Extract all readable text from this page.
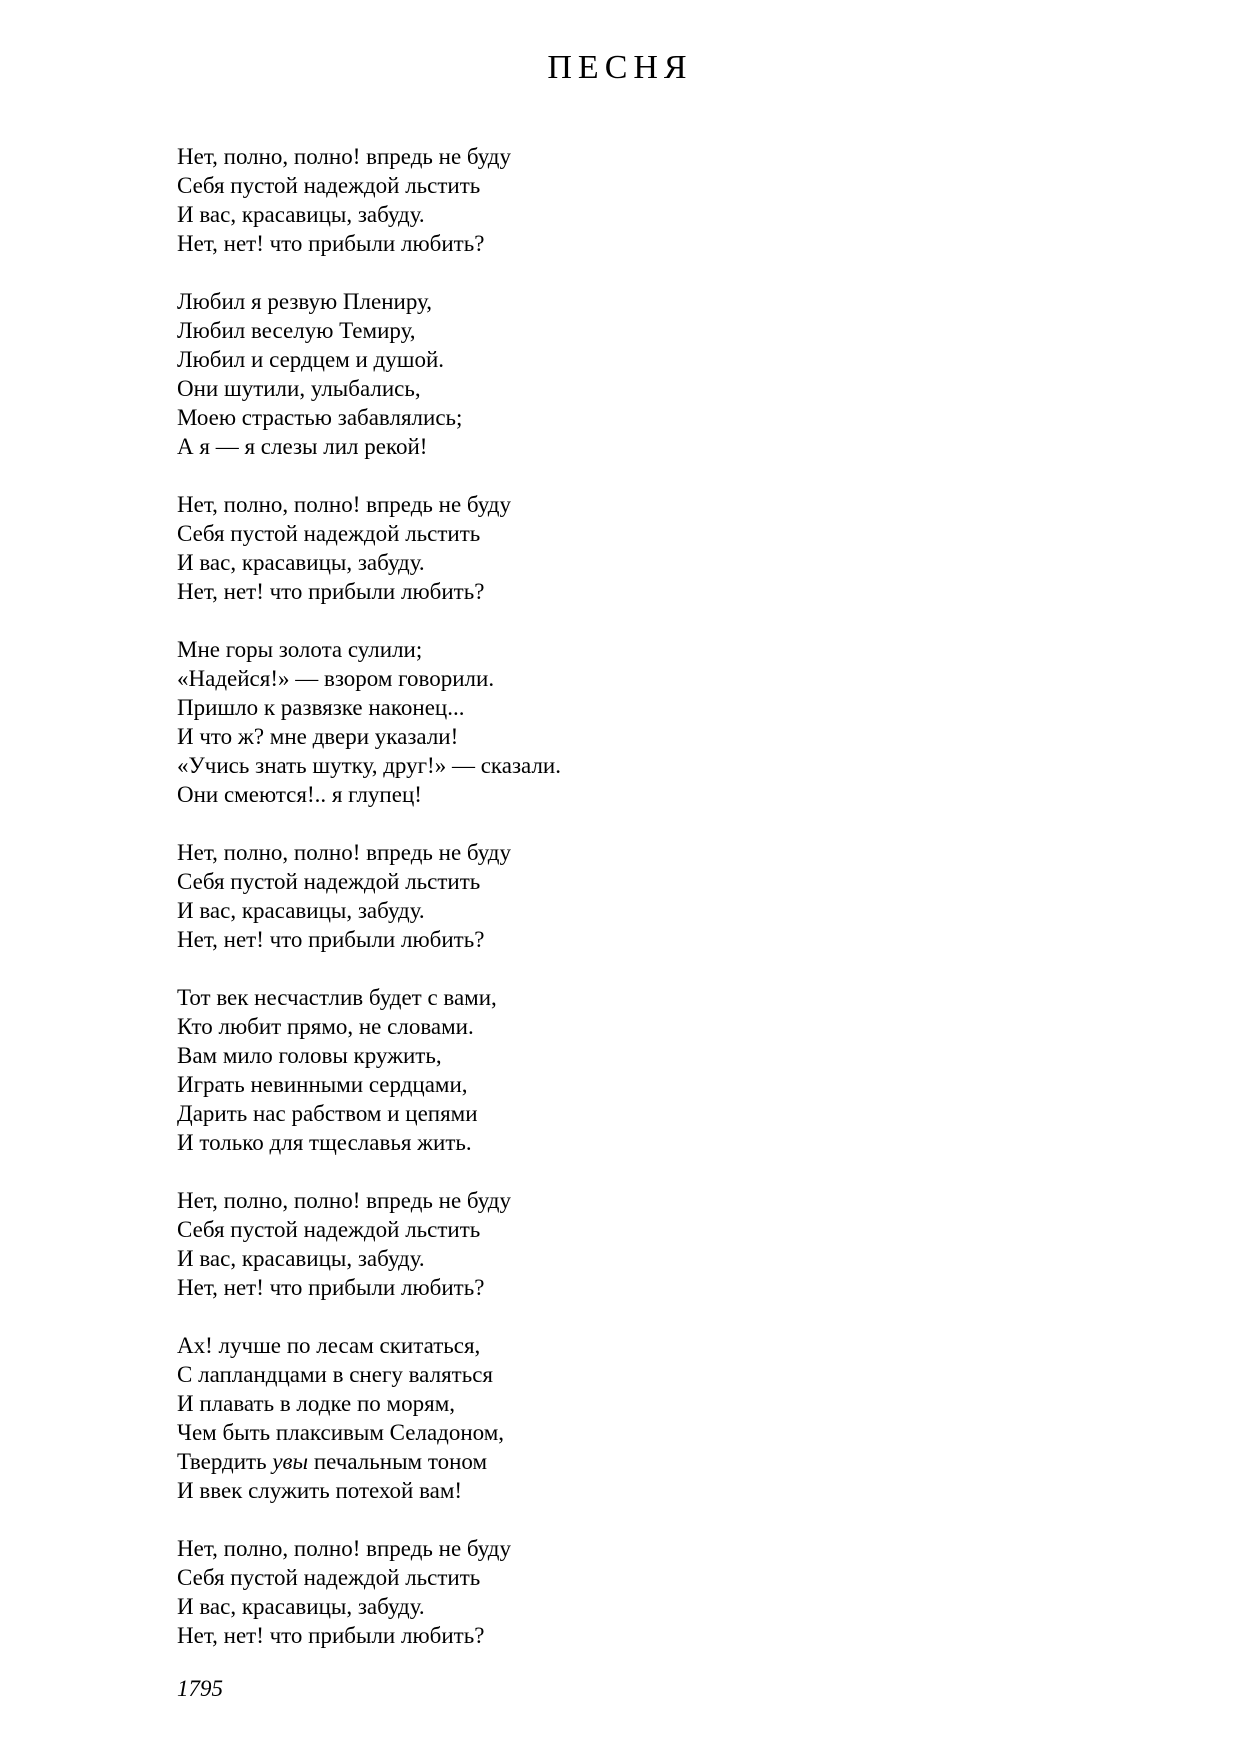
ПЕСНЯ
Нет, полно, полно! впредь не буду
Себя пустой надеждой льстить
И вас, красавицы, забуду.
Нет, нет! что прибыли любить?
Любил я резвую Плениру,
Любил веселую Темиру,
Любил и сердцем и душой.
Они шутили, улыбались,
Моею страстью забавлялись;
А я — я слезы лил рекой!
Нет, полно, полно! впредь не буду
Себя пустой надеждой льстить
И вас, красавицы, забуду.
Нет, нет! что прибыли любить?
Мне горы золота сулили;
«Надейся!» — взором говорили.
Пришло к развязке наконец...
И что ж? мне двери указали!
«Учись знать шутку, друг!» — сказали.
Они смеются!.. я глупец!
Нет, полно, полно! впредь не буду
Себя пустой надеждой льстить
И вас, красавицы, забуду.
Нет, нет! что прибыли любить?
Тот век несчастлив будет с вами,
Кто любит прямо, не словами.
Вам мило головы кружить,
Играть невинными сердцами,
Дарить нас рабством и цепями
И только для тщеславья жить.
Нет, полно, полно! впредь не буду
Себя пустой надеждой льстить
И вас, красавицы, забуду.
Нет, нет! что прибыли любить?
Ах! лучше по лесам скитаться,
С лапландцами в снегу валяться
И плавать в лодке по морям,
Чем быть плаксивым Селадоном,
Твердить увы печальным тоном
И ввек служить потехой вам!
Нет, полно, полно! впредь не буду
Себя пустой надеждой льстить
И вас, красавицы, забуду.
Нет, нет! что прибыли любить?
1795
